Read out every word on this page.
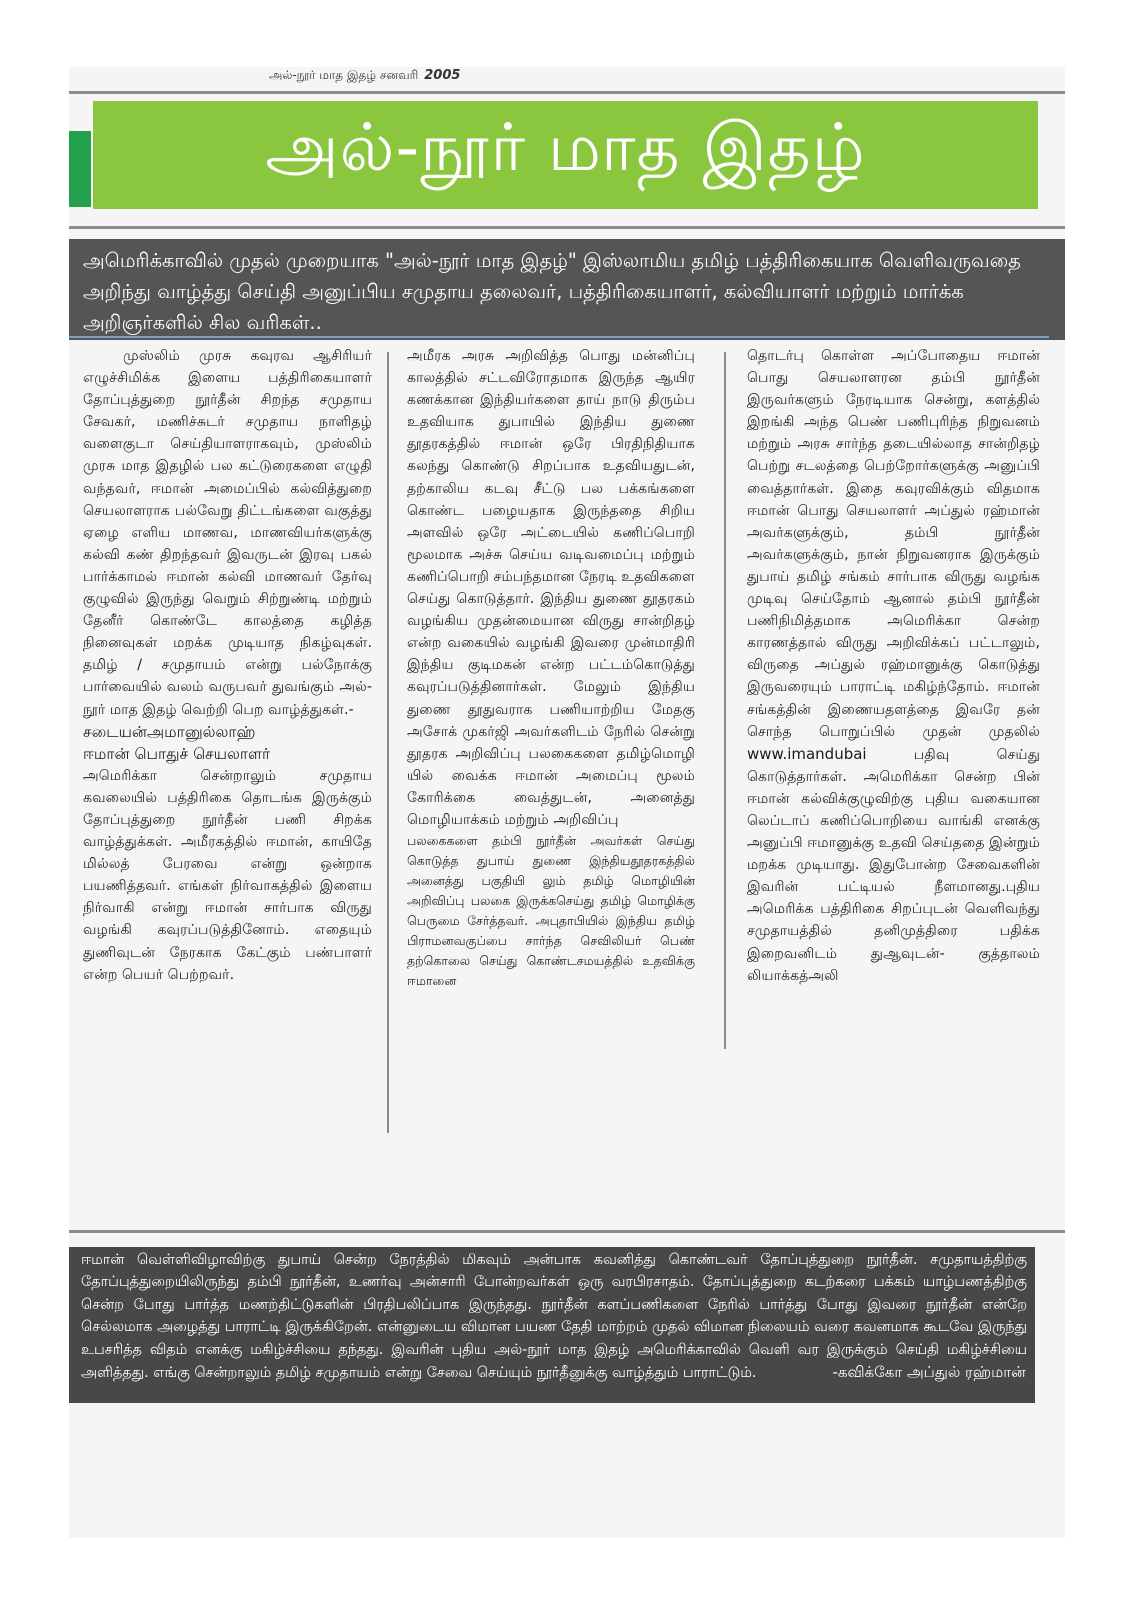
அல்-நூர் மாத இதழ் சனவரி 2005
அல்-நூர் மாத இதழ்
அமெரிக்காவில் முதல் முறையாக "அல்-நூர் மாத இதழ்" இஸ்லாமிய தமிழ் பத்திரிகையாக வெளிவருவதை அறிந்து வாழ்த்து செய்தி அனுப்பிய சமுதாய தலைவர், பத்திரிகையாளர், கல்வியாளர் மற்றும் மார்க்க அறிஞர்களில் சில வரிகள்..

முஸ்லிம் முரசு கவுரவ ஆசிரியர் எழுச்சிமிக்க இளைய பத்திரிகையாளர் தோப்புத்துறை நூர்தீன் சிறந்த சமுதாய சேவகர், மணிச்சுடர் சமுதாய நாளிதழ் வளைகுடா செய்தியாளராகவும், முஸ்லிம் முரசு மாத இதழில் பல கட்டுரைகளை எழுதி வந்தவர், ஈமான் அமைப்பில் கல்வித்துறை செயலாளராக பல்வேறு திட்டங்களை வகுத்து ஏழை எளிய மாணவ, மாணவியர்களுக்கு கல்வி கண் திறந்தவர் இவருடன் இரவு பகல் பார்க்காமல் ஈமான் கல்வி மாணவர் தேர்வு குழுவில் இருந்து வெறும் சிற்றுண்டி மற்றும் தேனீர் கொண்டே காலத்தை கழித்த நினைவுகள் மறக்க முடியாத நிகழ்வுகள். தமிழ் / சமுதாயம் என்று பல்நோக்கு பார்வையில் வலம் வருபவர் துவங்கும் அல்-நூர் மாத இதழ் வெற்றி பெற வாழ்த்துகள்.-

சடையன்அமானுல்லாஹ்

ஈமான் பொதுச் செயலாளர்

அமெரிக்கா சென்றாலும் சமுதாய கவலையில் பத்திரிகை தொடங்க இருக்கும் தோப்புத்துறை நூர்தீன் பணி சிறக்க வாழ்த்துக்கள். அமீரகத்தில் ஈமான், காயிதே மில்லத் பேரவை என்று ஒன்றாக பயணித்தவர். எங்கள் நிர்வாகத்தில் இளைய நிர்வாகி என்று ஈமான் சார்பாக விருது வழங்கி கவுரப்படுத்தினோம். எதையும் துணிவுடன் நேரகாக கேட்கும் பண்பாளர் என்ற பெயர் பெற்றவர்.

அமீரக அரசு அறிவித்த பொது மன்னிப்பு காலத்தில் சட்டவிரோதமாக இருந்த ஆயிர கணக்கான இந்தியர்களை தாய் நாடு திரும்ப உதவியாக துபாயில் இந்திய துணை தூதரகத்தில் ஈமான் ஒரே பிரதிநிதியாக கலந்து கொண்டு சிறப்பாக உதவியதுடன், தற்காலிய கடவு சீட்டு பல பக்கங்களை கொண்ட பழையதாக இருந்ததை சிறிய அளவில் ஒரே அட்டையில் கணிப்பொறி மூலமாக அச்சு செய்ய வடிவமைப்பு மற்றும் கணிப்பொறி சம்பந்தமான நேரடி உதவிகளை செய்து கொடுத்தார். இந்திய துணை தூதரகம் வழங்கிய முதன்மையான விருது சான்றிதழ் என்ற வகையில் வழங்கி இவரை முன்மாதிரி இந்திய குடிமகன் என்ற பட்டம்கொடுத்து கவுரப்படுத்தினார்கள். மேலும் இந்திய துணை தூதுவராக பணியாற்றிய மேதகு அசோக் முகர்ஜி அவர்களிடம் நேரில் சென்று தூதரக அறிவிப்பு பலகைகளை தமிழ்மொழி யில் வைக்க ஈமான் அமைப்பு மூலம் கோரிக்கை வைத்துடன், அனைத்து மொழியாக்கம் மற்றும் அறிவிப்பு

பலகைகளை தம்பி நூர்தீன் அவர்கள் செய்து கொடுத்த துபாய் துணை இந்தியதூதரகத்தில் அனைத்து பகுதியி லும் தமிழ் மொழியின் அறிவிப்பு பலகை இருக்கசெய்து தமிழ் மொழிக்கு பெருமை சேர்த்தவர். அபுதாபியில் இந்திய தமிழ் பிராமனவகுப்பை சார்ந்த செவிலியர் பெண் தற்கொலை செய்து கொண்டசமயத்தில் உதவிக்கு ஈமானை

தொடர்பு கொள்ள அப்போதைய ஈமான் பொது செயலாளரன தம்பி நூர்தீன் இருவர்களும் நேரடியாக சென்று, களத்தில் இறங்கி அந்த பெண் பணிபுரிந்த நிறுவனம் மற்றும் அரசு சார்ந்த தடையில்லாத சான்றிதழ் பெற்று சடலத்தை பெற்றோர்களுக்கு அனுப்பி வைத்தார்கள். இதை கவுரவிக்கும் விதமாக ஈமான் பொது செயலாளர் அப்துல் ரஹ்மான் அவர்களுக்கும், தம்பி நூர்தீன் அவர்களுக்கும், நான் நிறுவனராக இருக்கும் துபாய் தமிழ் சங்கம் சார்பாக விருது வழங்க முடிவு செய்தோம் ஆனால் தம்பி நூர்தீன் பணிநிமித்தமாக அமெரிக்கா சென்ற காரணத்தால் விருது அறிவிக்கப் பட்டாலும், விருதை அப்துல் ரஹ்மானுக்கு கொடுத்து இருவரையும் பாராட்டி மகிழ்ந்தோம். ஈமான் சங்கத்தின் இணையதளத்தை இவரே தன் சொந்த பொறுப்பில் முதன் முதலில் www.imandubai	பதிவு செய்து கொடுத்தார்கள். அமெரிக்கா சென்ற பின் ஈமான் கல்விக்குழுவிற்கு புதிய வகையான லெப்டாப் கணிப்பொறியை வாங்கி எனக்கு அனுப்பி ஈமானுக்கு உதவி செய்ததை இன்றும் மறக்க முடியாது. இதுபோன்ற சேவைகளின் இவரின் பட்டியல் நீளமானது.புதிய அமெரிக்க பத்திரிகை சிறப்புடன் வெளிவந்து சமுதாயத்தில் தனிமுத்திரை பதிக்க இறைவனிடம் துஆவுடன்- குத்தாலம் லியாக்கத்அலி

ஈமான் வெள்ளிவிழாவிற்கு துபாய் சென்ற நேரத்தில் மிகவும் அன்பாக கவனித்து கொண்டவர் தோப்புத்துறை நூர்தீன். சமுதாயத்திற்கு தோப்புத்துறையிலிருந்து தம்பி நூர்தீன், உணர்வு அன்சாரி போன்றவர்கள் ஒரு வரபிரசாதம். தோப்புத்துறை கடற்கரை பக்கம் யாழ்பணத்திற்கு சென்ற போது பார்த்த மணற்திட்டுகளின் பிரதிபலிப்பாக இருந்தது. நூர்தீன் களப்பணிகளை நேரில் பார்த்து போது இவரை நூர்தீன் என்றே செல்லமாக அழைத்து பாராட்டி இருக்கிறேன். என்னுடைய விமான பயண தேதி மாற்றம் முதல் விமான நிலையம் வரை கவனமாக கூடவே இருந்து உபசரித்த விதம் எனக்கு மகிழ்ச்சியை தந்தது. இவரின் புதிய அல்-நூர் மாத இதழ் அமெரிக்காவில் வெளி வர இருக்கும் செய்தி மகிழ்ச்சியை அளித்தது. எங்கு சென்றாலும் தமிழ் சமுதாயம் என்று சேவை செய்யும் நூர்தீனுக்கு வாழ்த்தும் பாராட்டும்.	-கவிக்கோ அப்துல் ரஹ்மான்
